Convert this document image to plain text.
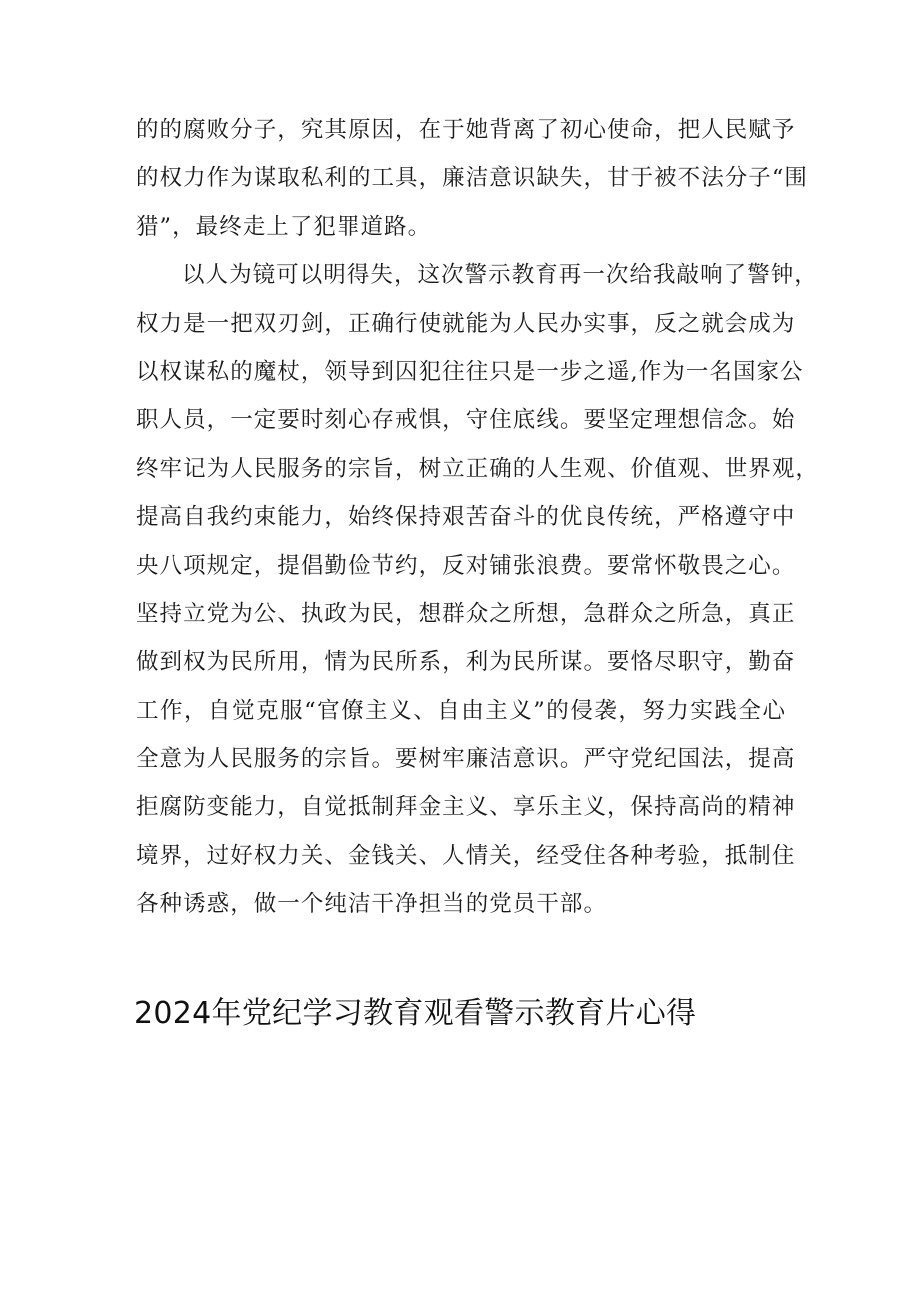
的的腐败分子，究其原因，在于她背离了初心使命，把人民赋予
的权力作为谋取私利的工具，廉洁意识缺失，甘于被不法分子“围
猎”，最终走上了犯罪道路。
以人为镜可以明得失，这次警示教育再一次给我敲响了警钟，
权力是一把双刃剑，正确行使就能为人民办实事，反之就会成为
以权谋私的魔杖，领导到囚犯往往只是一步之遥,作为一名国家公
职人员，一定要时刻心存戒惧，守住底线。要坚定理想信念。始
终牢记为人民服务的宗旨，树立正确的人生观、价值观、世界观，
提高自我约束能力，始终保持艰苦奋斗的优良传统，严格遵守中
央八项规定，提倡勤俭节约，反对铺张浪费。要常怀敬畏之心。
坚持立党为公、执政为民，想群众之所想，急群众之所急，真正
做到权为民所用，情为民所系，利为民所谋。要恪尽职守，勤奋
工作，自觉克服“官僚主义、自由主义”的侵袭，努力实践全心
全意为人民服务的宗旨。要树牢廉洁意识。严守党纪国法，提高
拒腐防变能力，自觉抵制拜金主义、享乐主义，保持高尚的精神
境界，过好权力关、金钱关、人情关，经受住各种考验，抵制住
各种诱惑，做一个纯洁干净担当的党员干部。
2024年党纪学习教育观看警示教育片心得
